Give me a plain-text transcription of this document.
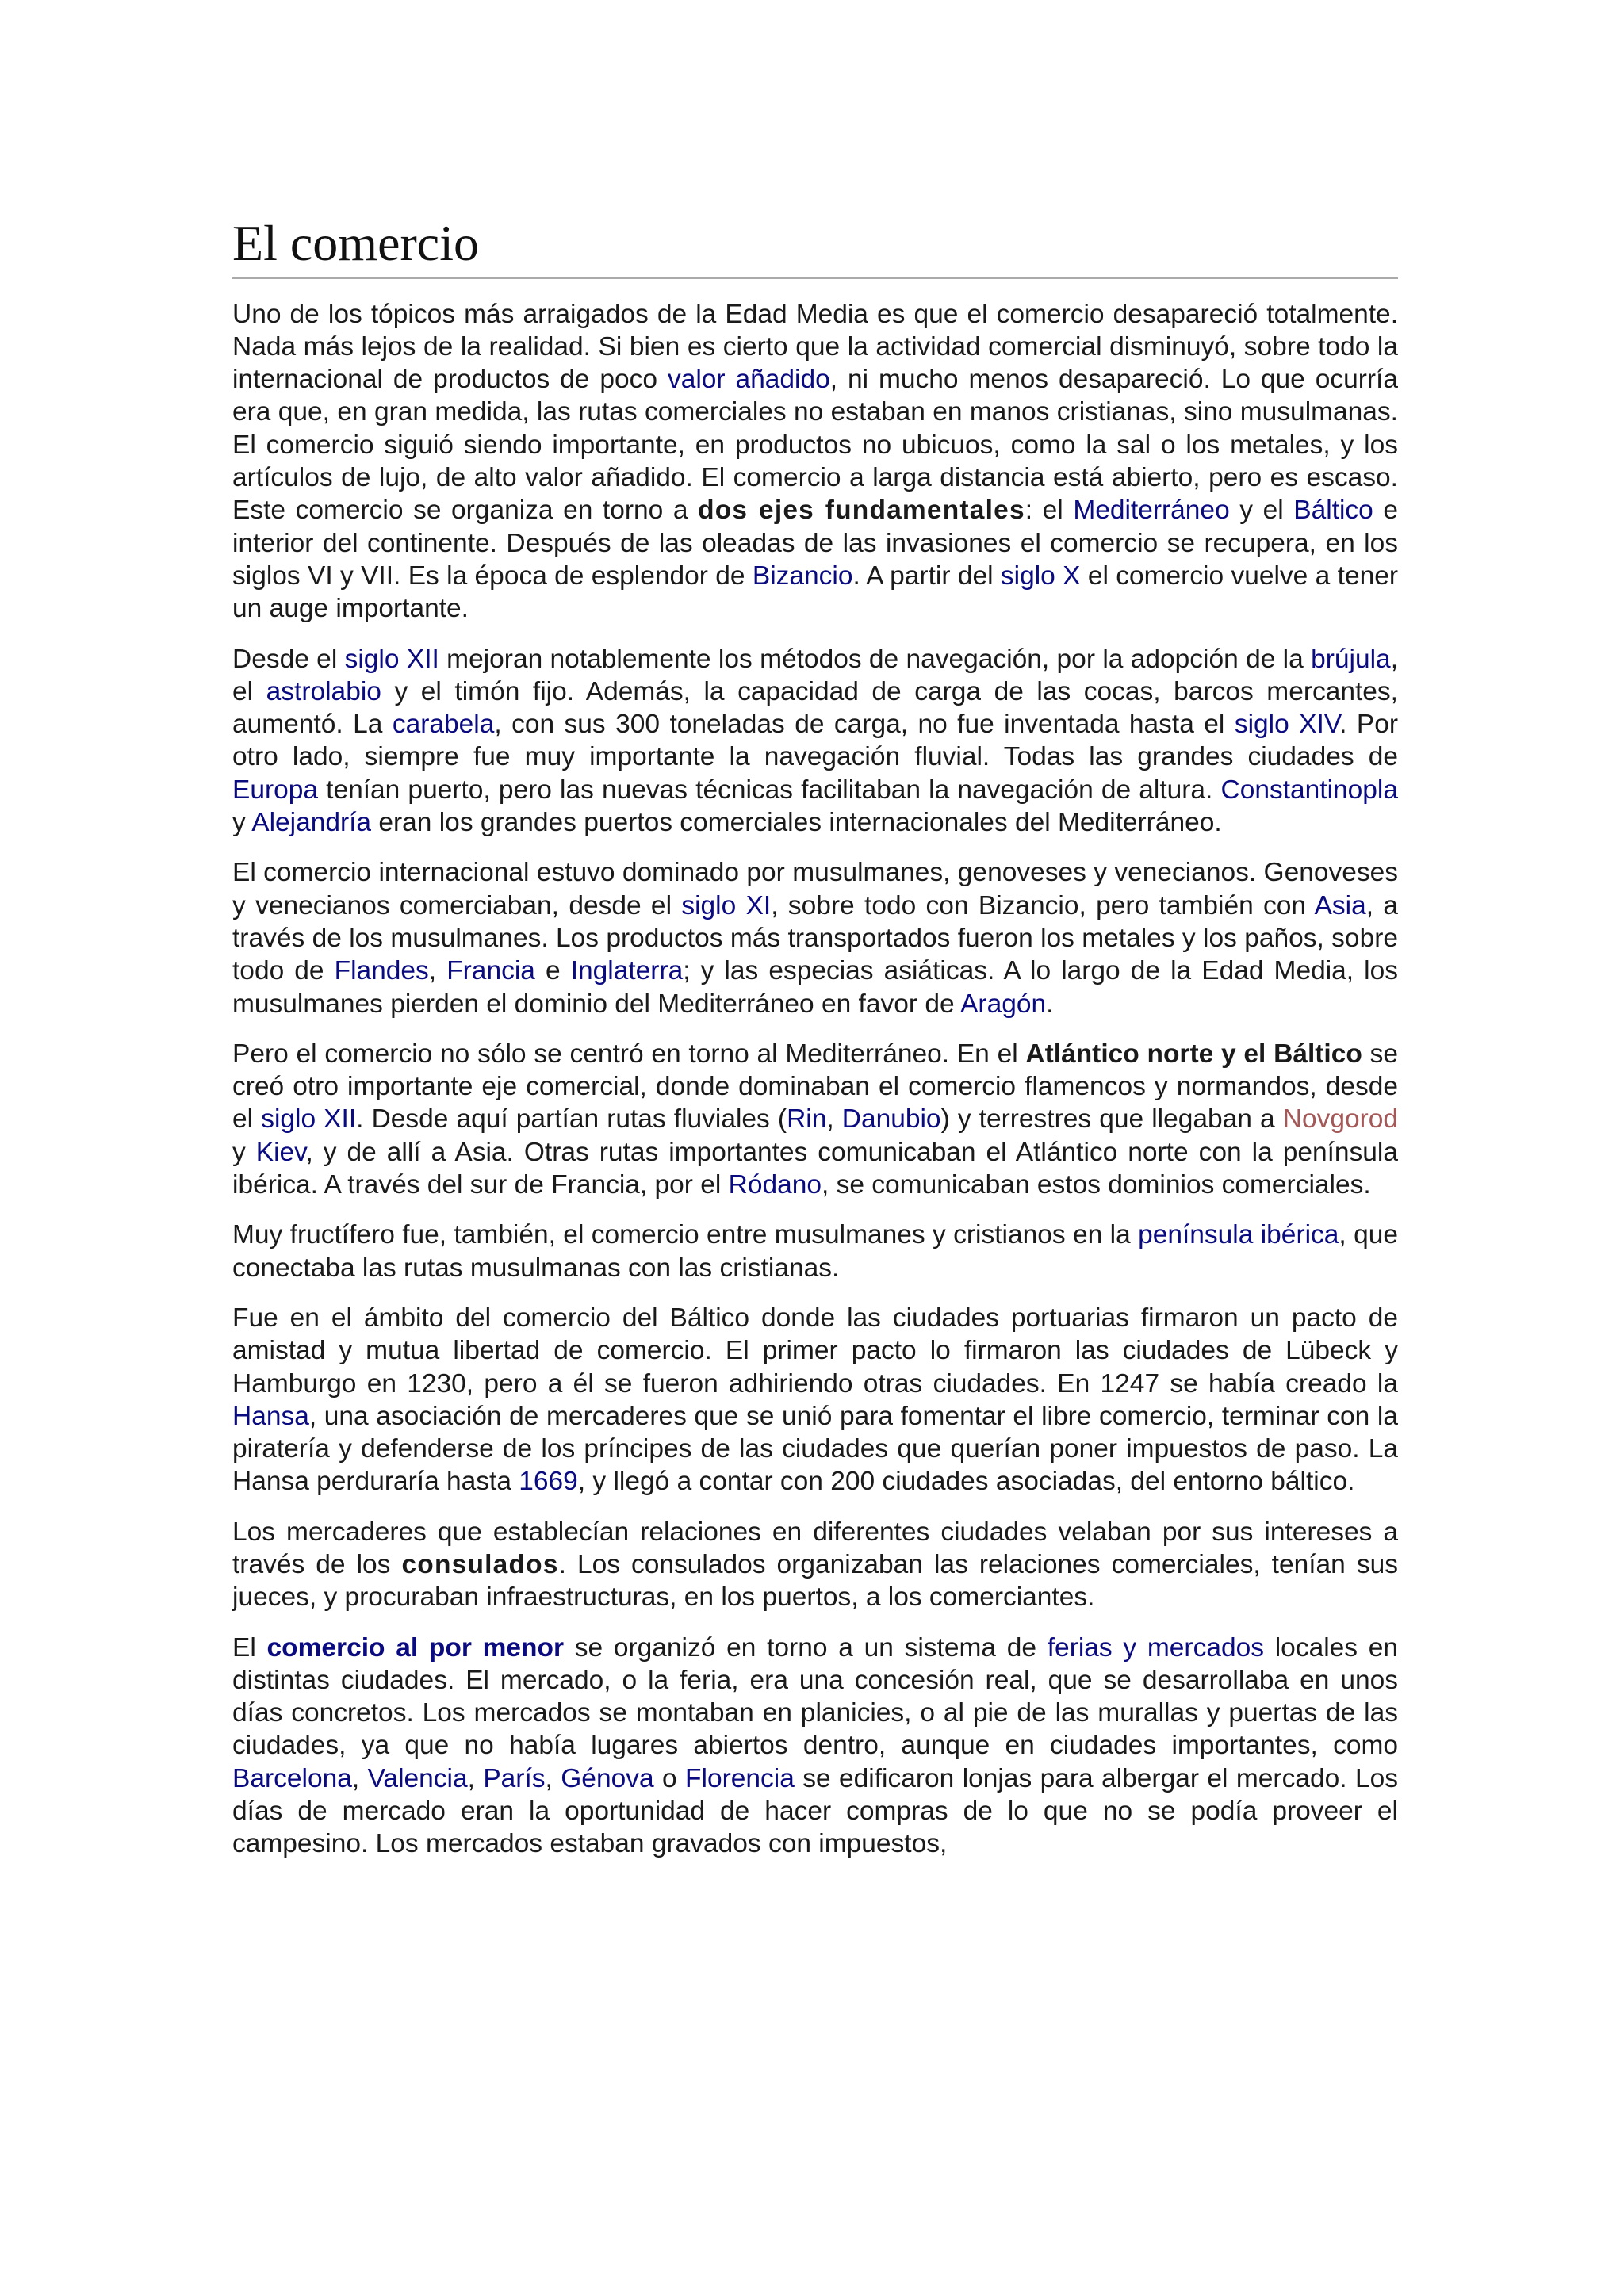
El comercio

Uno de los tópicos más arraigados de la Edad Media es que el comercio desapareció totalmente. Nada más lejos de la realidad. Si bien es cierto que la actividad comercial disminuyó, sobre todo la internacional de productos de poco valor añadido, ni mucho menos desapareció. Lo que ocurría era que, en gran medida, las rutas comerciales no estaban en manos cristianas, sino musulmanas. El comercio siguió siendo importante, en productos no ubicuos, como la sal o los metales, y los artículos de lujo, de alto valor añadido. El comercio a larga distancia está abierto, pero es escaso. Este comercio se organiza en torno a dos ejes fundamentales: el Mediterráneo y el Báltico e interior del continente. Después de las oleadas de las invasiones el comercio se recupera, en los siglos VI y VII. Es la época de esplendor de Bizancio. A partir del siglo X el comercio vuelve a tener un auge importante.

Desde el siglo XII mejoran notablemente los métodos de navegación, por la adopción de la brújula, el astrolabio y el timón fijo. Además, la capacidad de carga de las cocas, barcos mercantes, aumentó. La carabela, con sus 300 toneladas de carga, no fue inventada hasta el siglo XIV. Por otro lado, siempre fue muy importante la navegación fluvial. Todas las grandes ciudades de Europa tenían puerto, pero las nuevas técnicas facilitaban la navegación de altura. Constantinopla y Alejandría eran los grandes puertos comerciales internacionales del Mediterráneo.

El comercio internacional estuvo dominado por musulmanes, genoveses y venecianos. Genoveses y venecianos comerciaban, desde el siglo XI, sobre todo con Bizancio, pero también con Asia, a través de los musulmanes. Los productos más transportados fueron los metales y los paños, sobre todo de Flandes, Francia e Inglaterra; y las especias asiáticas. A lo largo de la Edad Media, los musulmanes pierden el dominio del Mediterráneo en favor de Aragón.

Pero el comercio no sólo se centró en torno al Mediterráneo. En el Atlántico norte y el Báltico se creó otro importante eje comercial, donde dominaban el comercio flamencos y normandos, desde el siglo XII. Desde aquí partían rutas fluviales (Rin, Danubio) y terrestres que llegaban a Novgorod y Kiev, y de allí a Asia. Otras rutas importantes comunicaban el Atlántico norte con la península ibérica. A través del sur de Francia, por el Ródano, se comunicaban estos dominios comerciales.

Muy fructífero fue, también, el comercio entre musulmanes y cristianos en la península ibérica, que conectaba las rutas musulmanas con las cristianas.

Fue en el ámbito del comercio del Báltico donde las ciudades portuarias firmaron un pacto de amistad y mutua libertad de comercio. El primer pacto lo firmaron las ciudades de Lübeck y Hamburgo en 1230, pero a él se fueron adhiriendo otras ciudades. En 1247 se había creado la Hansa, una asociación de mercaderes que se unió para fomentar el libre comercio, terminar con la piratería y defenderse de los príncipes de las ciudades que querían poner impuestos de paso. La Hansa perduraría hasta 1669, y llegó a contar con 200 ciudades asociadas, del entorno báltico.

Los mercaderes que establecían relaciones en diferentes ciudades velaban por sus intereses a través de los consulados. Los consulados organizaban las relaciones comerciales, tenían sus jueces, y procuraban infraestructuras, en los puertos, a los comerciantes.

El comercio al por menor se organizó en torno a un sistema de ferias y mercados locales en distintas ciudades. El mercado, o la feria, era una concesión real, que se desarrollaba en unos días concretos. Los mercados se montaban en planicies, o al pie de las murallas y puertas de las ciudades, ya que no había lugares abiertos dentro, aunque en ciudades importantes, como Barcelona, Valencia, París, Génova o Florencia se edificaron lonjas para albergar el mercado. Los días de mercado eran la oportunidad de hacer compras de lo que no se podía proveer el campesino. Los mercados estaban gravados con impuestos,
